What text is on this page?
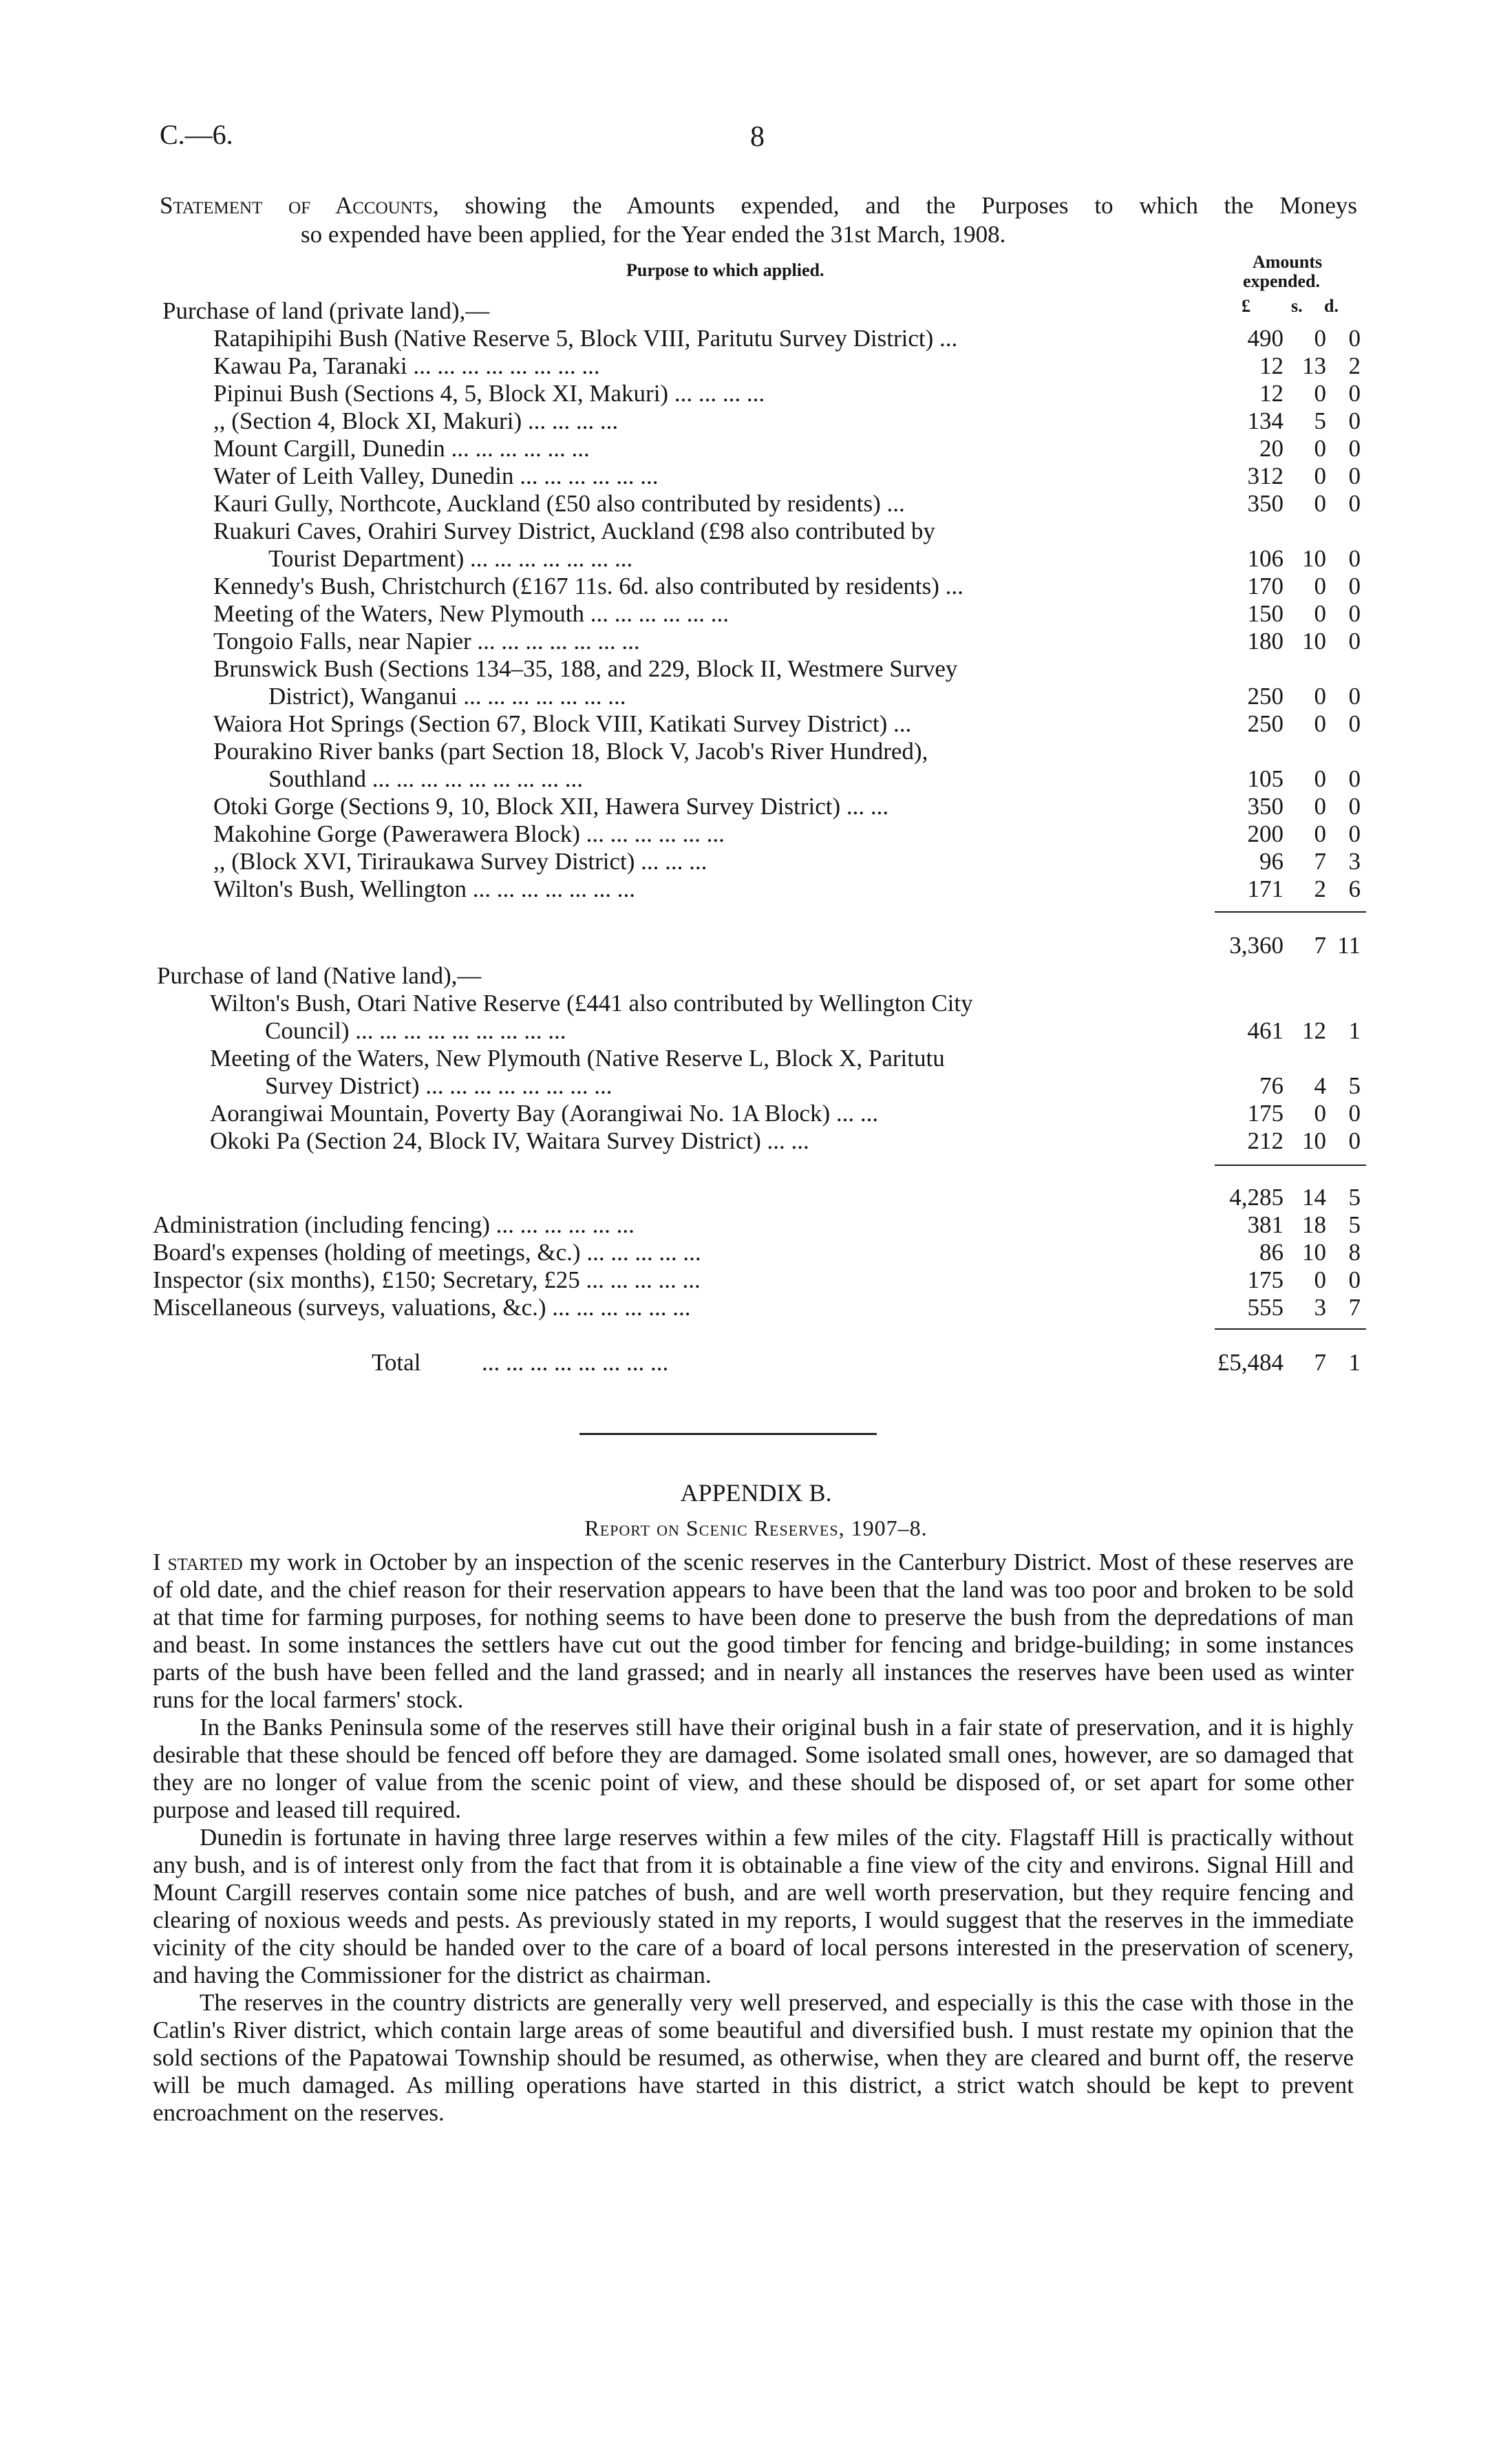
C.—6.	8
Statement of Accounts, showing the Amounts expended, and the Purposes to which the Moneys
so expended have been applied, for the Year ended the 31st March, 1908.
Purpose to which applied.	Amounts
expended.
£ s. d.
Purchase of land (private land),—
Ratapihipihi Bush (Native Reserve 5, Block VIII, Paritutu Survey District) ...	490	0 0
Kawau Pa, Taranaki ... ... ... ... ... ... ... ...	12 13 2
Pipinui Bush (Sections 4, 5, Block XI, Makuri) ... ... ... ...	12	0 0
,, (Section 4, Block XI, Makuri) ... ... ... ...	134	5 0
Mount Cargill, Dunedin ... ... ... ... ... ...	20	0 0
Water of Leith Valley, Dunedin ... ... ... ... ... ...	312	0 0
Kauri Gully, Northcote, Auckland (£50 also contributed by residents) ...	350	0 0
Ruakuri Caves, Orahiri Survey District, Auckland (£98 also contributed by
Tourist Department) ... ... ... ... ... ... ...	106 10 0
Kennedy's Bush, Christchurch (£167 11s. 6d. also contributed by residents) ...	170	0 0
Meeting of the Waters, New Plymouth ... ... ... ... ... ...	150	0 0
Tongoio Falls, near Napier ... ... ... ... ... ... ...	180 10 0
Brunswick Bush (Sections 134–35, 188, and 229, Block II, Westmere Survey
District), Wanganui ... ... ... ... ... ... ...	250	0 0
Waiora Hot Springs (Section 67, Block VIII, Katikati Survey District) ...	250	0 0
Pourakino River banks (part Section 18, Block V, Jacob's River Hundred),
Southland ... ... ... ... ... ... ... ... ...	105	0 0
Otoki Gorge (Sections 9, 10, Block XII, Hawera Survey District) ... ...	350	0 0
Makohine Gorge (Pawerawera Block) ... ... ... ... ... ...	200	0 0
,, (Block XVI, Tiriraukawa Survey District) ... ... ...	96	7 3
Wilton's Bush, Wellington ... ... ... ... ... ... ...	171	2 6
3,360	7 11
Purchase of land (Native land),—
Wilton's Bush, Otari Native Reserve (£441 also contributed by Wellington City
Council) ... ... ... ... ... ... ... ... ...	461 12 1
Meeting of the Waters, New Plymouth (Native Reserve L, Block X, Paritutu
Survey District) ... ... ... ... ... ... ... ...	76	4 5
Aorangiwai Mountain, Poverty Bay (Aorangiwai No. 1A Block) ... ...	175	0 0
Okoki Pa (Section 24, Block IV, Waitara Survey District) ... ...	212 10 0
4,285 14 5
Administration (including fencing) ... ... ... ... ... ...	381 18 5
Board's expenses (holding of meetings, &c.) ... ... ... ... ...	86 10 8
Inspector (six months), £150; Secretary, £25 ... ... ... ... ...	175	0 0
Miscellaneous (surveys, valuations, &c.) ... ... ... ... ... ...	555	3 7
Total	... ... ... ... ... ... ... ...	£5,484	7 1
APPENDIX B.
Report on Scenic Reserves, 1907–8.

I started my work in October by an inspection of the scenic reserves in the Canterbury District. Most of these reserves are of old date, and the chief reason for their reservation appears to have been that the land was too poor and broken to be sold at that time for farming purposes, for nothing seems to have been done to preserve the bush from the depredations of man and beast. In some instances the settlers have cut out the good timber for fencing and bridge-building; in some instances parts of the bush have been felled and the land grassed; and in nearly all instances the reserves have been used as winter runs for the local farmers' stock.

In the Banks Peninsula some of the reserves still have their original bush in a fair state of preservation, and it is highly desirable that these should be fenced off before they are damaged. Some isolated small ones, however, are so damaged that they are no longer of value from the scenic point of view, and these should be disposed of, or set apart for some other purpose and leased till required.

Dunedin is fortunate in having three large reserves within a few miles of the city. Flagstaff Hill is practically without any bush, and is of interest only from the fact that from it is obtainable a fine view of the city and environs. Signal Hill and Mount Cargill reserves contain some nice patches of bush, and are well worth preservation, but they require fencing and clearing of noxious weeds and pests. As previously stated in my reports, I would suggest that the reserves in the immediate vicinity of the city should be handed over to the care of a board of local persons interested in the preservation of scenery, and having the Commissioner for the district as chairman.

The reserves in the country districts are generally very well preserved, and especially is this the case with those in the Catlin's River district, which contain large areas of some beautiful and diversified bush. I must restate my opinion that the sold sections of the Papatowai Township should be resumed, as otherwise, when they are cleared and burnt off, the reserve will be much damaged. As milling operations have started in this district, a strict watch should be kept to prevent encroachment on the reserves.
